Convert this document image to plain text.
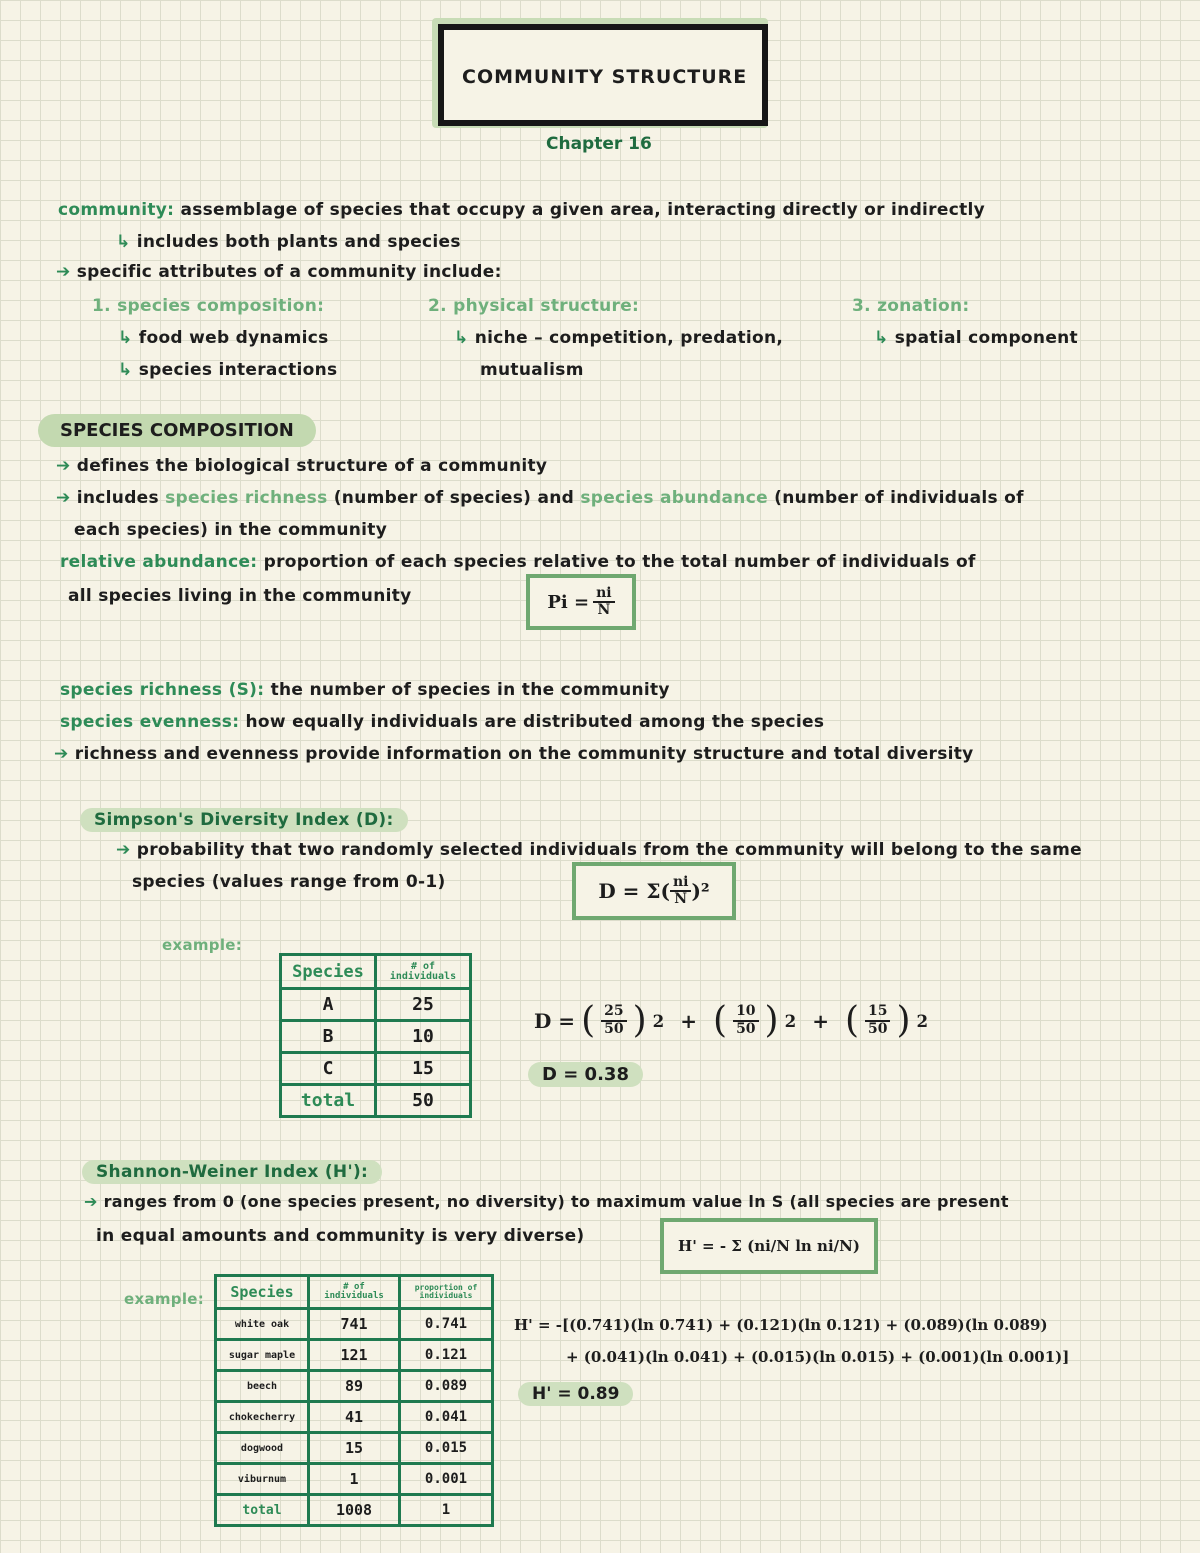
COMMUNITY STRUCTURE
Chapter 16
community: assemblage of species that occupy a given area, interacting directly or indirectly
↳ includes both plants and species
➔ specific attributes of a community include:
1. species composition:
↳ food web dynamics
↳ species interactions
2. physical structure:
↳ niche – competition, predation,
mutualism
3. zonation:
↳ spatial component
SPECIES COMPOSITION
➔ defines the biological structure of a community
➔ includes species richness (number of species) and species abundance (number of individuals of
each species) in the community
relative abundance: proportion of each species relative to the total number of individuals of
all species living in the community	$Pi = \frac{ni}{N}$
species richness (S): the number of species in the community
species evenness: how equally individuals are distributed among the species
➔ richness and evenness provide information on the community structure and total diversity
Simpson's Diversity Index (D):
➔ probability that two randomly selected individuals from the community will belong to the same
species (values range from 0-1)	$D = \Sigma( \frac{ni}{N} )^2$
example:
Species	# of individuals
A	25
B	10
C	15
total	50
D = ( $\frac{25}{50}$ ) 2 + ( $\frac{10}{50}$ ) 2 + ( $\frac{15}{50}$ ) 2
D = 0.38
Shannon-Weiner Index (H'):
➔ ranges from 0 (one species present, no diversity) to maximum value ln S (all species are present
in equal amounts and community is very diverse)	H' = - Σ (ni/N ln ni/N)
example: Species	# of individuals	proportion of individuals
white oak	741	0.741
sugar maple	121	0.121
beech	89	0.089
chokecherry	41	0.041
dogwood	15	0.015
viburnum	1	0.001
total	1008	1
H' = -[(0.741)(ln 0.741) + (0.121)(ln 0.121) + (0.089)(ln 0.089)
+ (0.041)(ln 0.041) + (0.015)(ln 0.015) + (0.001)(ln 0.001)]
H' = 0.89
